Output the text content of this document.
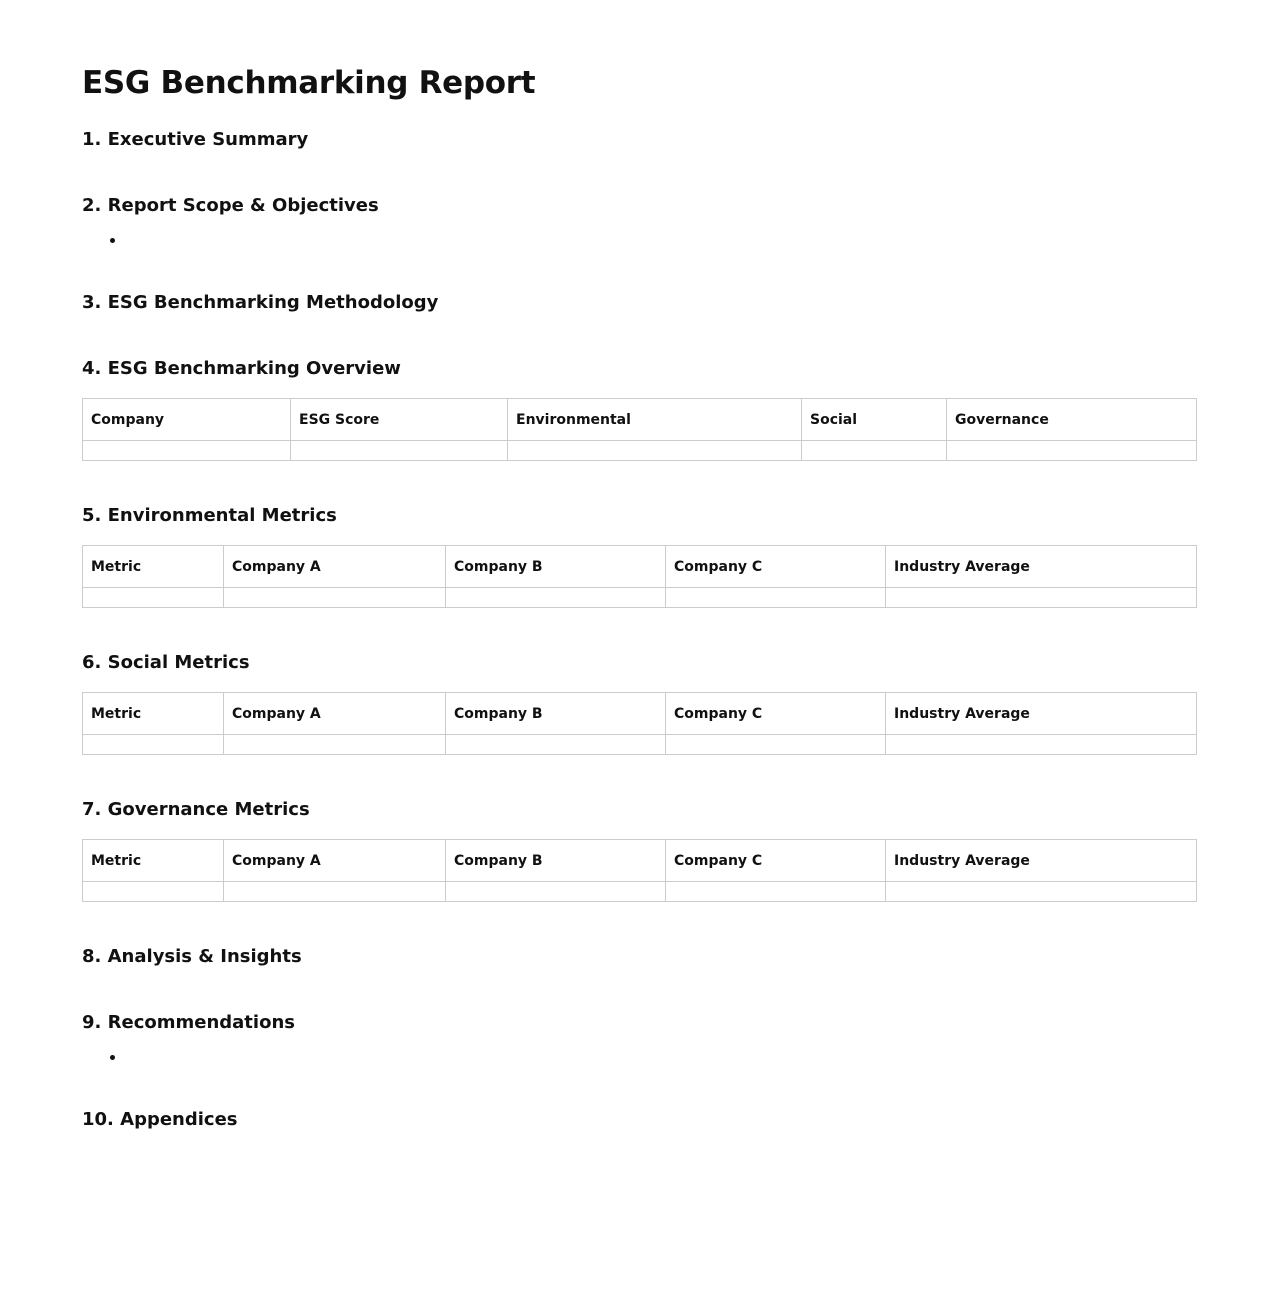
ESG Benchmarking Report
1. Executive Summary
2. Report Scope & Objectives
•
3. ESG Benchmarking Methodology
4. ESG Benchmarking Overview
Company	ESG Score	Environmental	Social	Governance

5. Environmental Metrics
Metric	Company A	Company B	Company C	Industry Average

6. Social Metrics
Metric	Company A	Company B	Company C	Industry Average

7. Governance Metrics
Metric	Company A	Company B	Company C	Industry Average

8. Analysis & Insights
9. Recommendations
•
10. Appendices
